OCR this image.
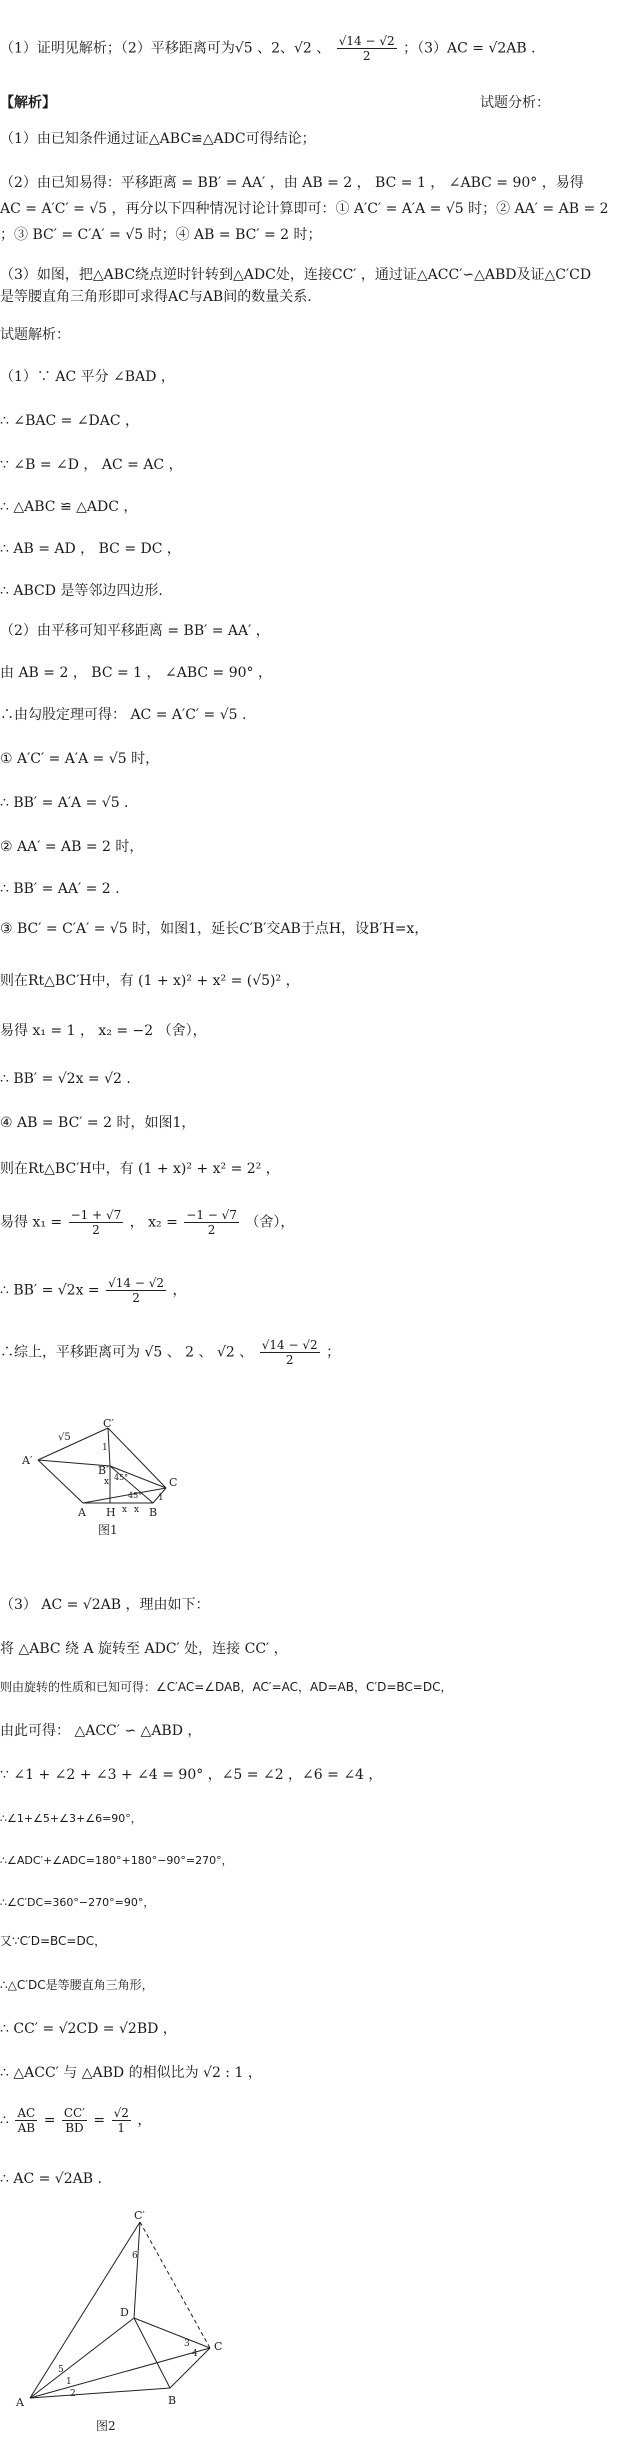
（1）证明见解析；（2）平移距离可为√5 、2、√2 、 $\frac{√14 - √2}{2}$ ；（3）AC = √2AB .
【解析】	试题分析：
（1）由已知条件通过证△ABC≌△ADC可得结论；
（2）由已知易得：平移距离 = BB′ = AA′ ，由 AB = 2 ， BC = 1 ， ∠ABC = 90° ，易得
AC = A′C′ = √5 ，再分以下四种情况讨论计算即可：① A′C′ = A′A = √5 时；② AA′ = AB = 2
；③ BC′ = C′A′ = √5 时；④ AB = BC′ = 2 时；
（3）如图，把△ABC绕点逆时针转到△ADC处，连接CC′ ，通过证△ACC′∽△ABD及证△C′CD
是等腰直角三角形即可求得AC与AB间的数量关系.
试题解析：
（1）∵ AC 平分 ∠BAD ，
∴ ∠BAC = ∠DAC ，
∵ ∠B = ∠D ， AC = AC ，
∴ △ABC ≌ △ADC ，
∴ AB = AD ， BC = DC ，
∴ ABCD 是等邻边四边形.
（2）由平移可知平移距离 = BB′ = AA′ ，
由 AB = 2 ， BC = 1 ， ∠ABC = 90° ，
∴由勾股定理可得： AC = A′C′ = √5 .
① A′C′ = A′A = √5 时，
∴ BB′ = A′A = √5 .
② AA′ = AB = 2 时，
∴ BB′ = AA′ = 2 .
③ BC′ = C′A′ = √5 时，如图1，延长C′B′交AB于点H，设B′H=x，
则在Rt△BC′H中，有 (1 + x)² + x² = (√5)² ，
易得 x₁ = 1 ， x₂ = −2 （舍），
∴ BB′ = √2x = √2 .
④ AB = BC′ = 2 时，如图1，
则在Rt△BC′H中，有 (1 + x)² + x² = 2² ，
易得 $x_1 = \frac{-1 + √7}{2}$ ， $x_2 = \frac{-1 - √7}{2}$ （舍），
∴ $BB' = √2x = \frac{√14 - √2}{2}$ ，
∴综上，平移距离可为 √5 、 2 、 √2 、 $\frac{√14 - √2}{2}$ ；
C′
A′
B′
A H	B
C
x
x x
1
1
√5
45°
45°
图1
（3） AC = √2AB ，理由如下：
将 △ABC 绕 A 旋转至 ADC′ 处，连接 CC′ ，
则由旋转的性质和已知可得：∠C′AC=∠DAB，AC′=AC，AD=AB，C′D=BC=DC，
由此可得： △ACC′ ∽ △ABD ，
∵ ∠1 + ∠2 + ∠3 + ∠4 = 90° ，∠5 = ∠2 ，∠6 = ∠4 ，
∴∠1+∠5+∠3+∠6=90°，
∴∠ADC′+∠ADC=180°+180°−90°=270°，
∴∠C′DC=360°−270°=90°，
又∵C′D=BC=DC，
∴△C′DC是等腰直角三角形，
∴ CC′ = √2CD = √2BD ，
∴ △ACC′ 与 △ABD 的相似比为 √2 : 1 ，
∴ $\frac{AC}{AB} = \frac{CC'}{BD} = \frac{√2}{1}$ ，
∴ AC = √2AB .
C′
D
C
A	B
1
2
3
4
5
6
图2
